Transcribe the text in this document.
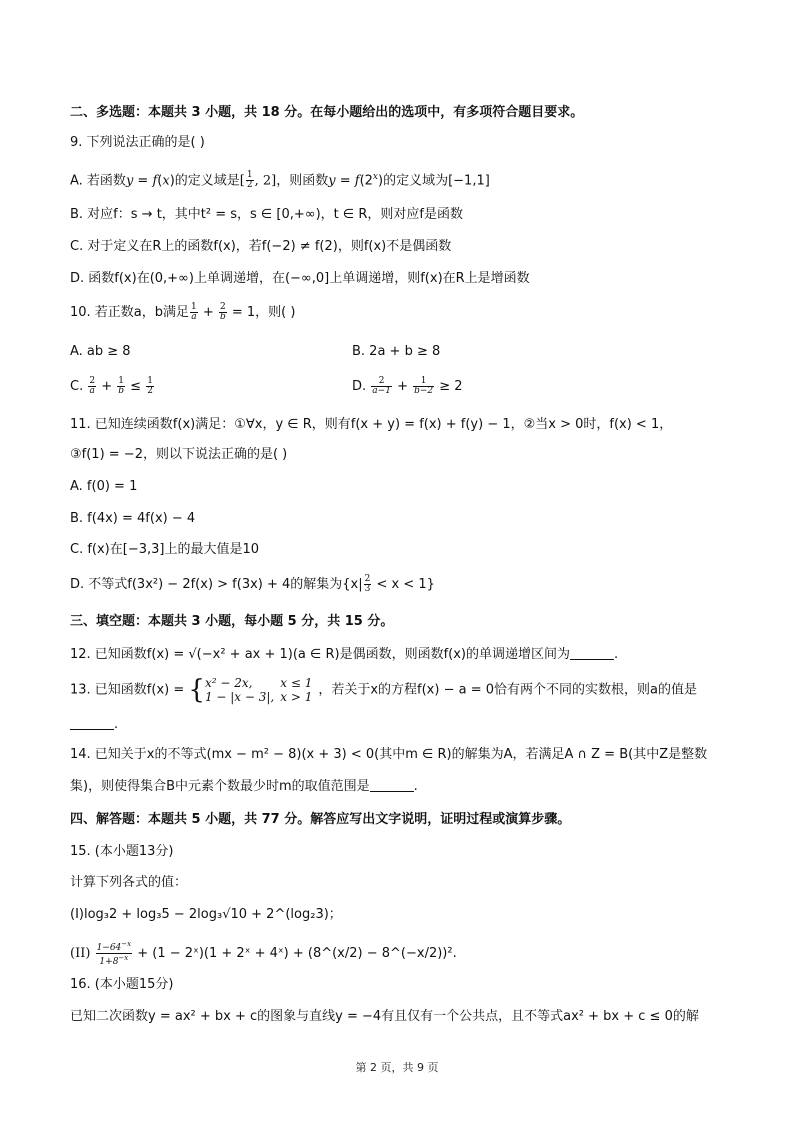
二、多选题：本题共 3 小题，共 18 分。在每小题给出的选项中，有多项符合题目要求。
9. 下列说法正确的是( )
A. 若函数y = f(x)的定义域是[ $\frac{1}{2}$ , 2]，则函数$y = f(2^x)$的定义域为[−1,1]
B. 对应f：s → t，其中t² = s，s ∈ [0,+∞)，t ∈ R，则对应f是函数
C. 对于定义在R上的函数f(x)，若f(−2) ≠ f(2)，则f(x)不是偶函数
D. 函数f(x)在(0,+∞)上单调递增，在(−∞,0]上单调递增，则f(x)在R上是增函数
10. 若正数a，b满足 $\frac{1}{a} + \frac{2}{b} = 1$，则( )
A. ab ≥ 8	B. 2a + b ≥ 8
C. $\frac{2}{a} + \frac{1}{b} \le \frac{1}{2}$	D. $\frac{2}{a-1} + \frac{1}{b-2} \ge 2$
11. 已知连续函数f(x)满足：①∀x，y ∈ R，则有f(x + y) = f(x) + f(y) − 1，②当x > 0时，f(x) < 1，
③f(1) = −2，则以下说法正确的是( )
A. f(0) = 1
B. f(4x) = 4f(x) − 4
C. f(x)在[−3,3]上的最大值是10
D. 不等式f(3x²) − 2f(x) > f(3x) + 4的解集为$\{x| \frac{2}{3} < x < 1\}$
三、填空题：本题共 3 小题，每小题 5 分，共 15 分。
12. 已知函数f(x) = √(−x² + ax + 1)(a ∈ R)是偶函数，则函数f(x)的单调递增区间为	.
13. 已知函数f(x) = { x² − 2x,	x ≤ 1
1 − |x − 3|,	x > 1 ，若关于x的方程f(x) − a = 0恰有两个不同的实数根，则a的值是
.
14. 已知关于x的不等式(mx − m² − 8)(x + 3) < 0(其中m ∈ R)的解集为A，若满足A ∩ Z = B(其中Z是整数
集)，则使得集合B中元素个数最少时m的取值范围是	.
四、解答题：本题共 5 小题，共 77 分。解答应写出文字说明，证明过程或演算步骤。
15. (本小题13分)
计算下列各式的值：
(I)log₃2 + log₃5 − 2log₃√10 + 2^(log₂3)；
$(II) \frac{1-64^{-x}}{1+8^{-x}} + (1$ − 2ˣ)(1 + 2ˣ + 4ˣ) + (8^(x/2) − 8^(−x/2))².
16. (本小题15分)
已知二次函数y = ax² + bx + c的图象与直线y = −4有且仅有一个公共点，且不等式ax² + bx + c ≤ 0的解
第 2 页，共 9 页
